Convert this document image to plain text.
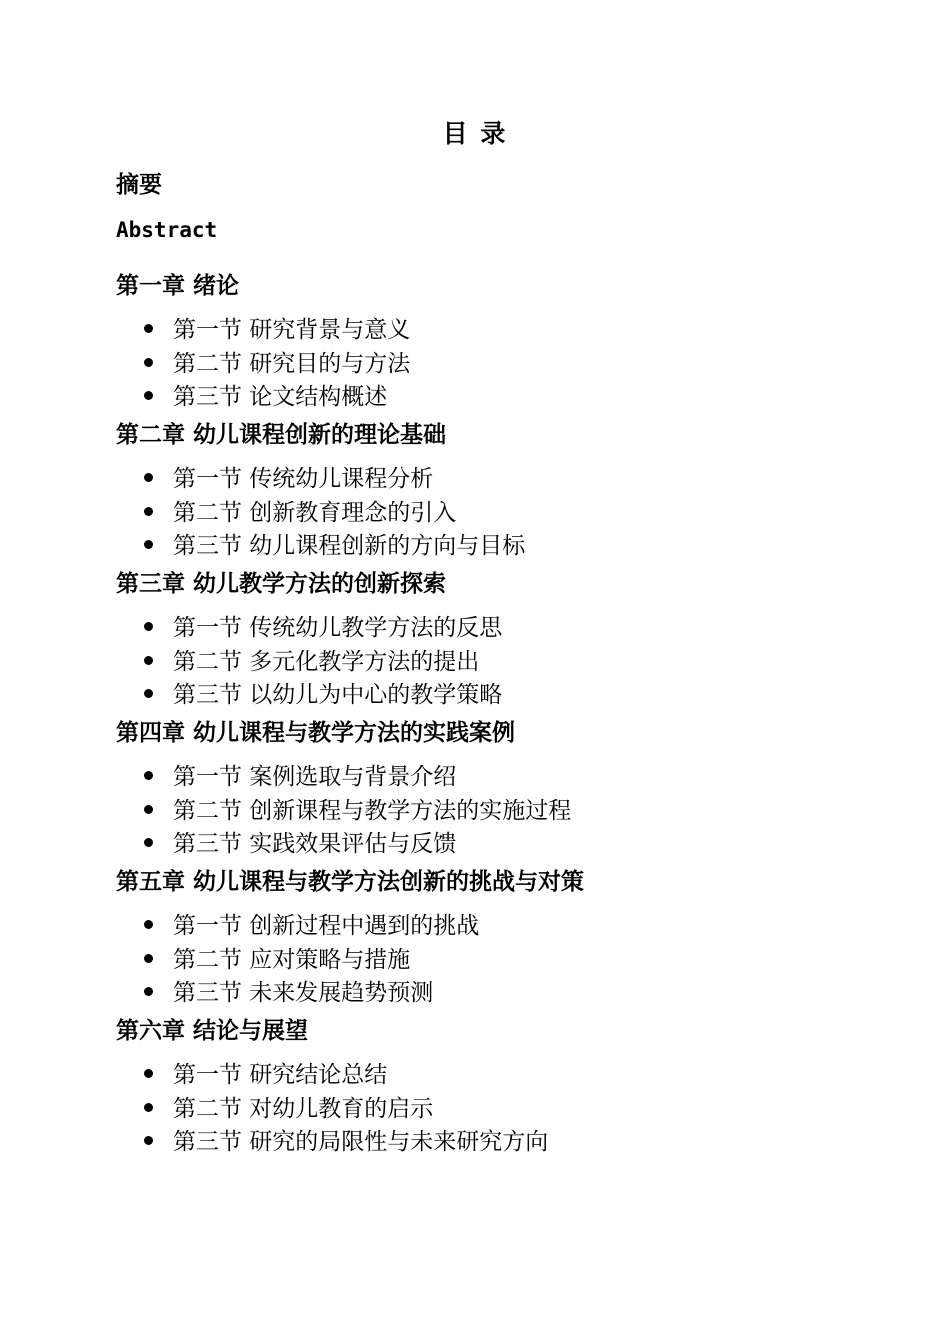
目 录
摘要
Abstract
第一章 绪论
第一节 研究背景与意义
第二节 研究目的与方法
第三节 论文结构概述
第二章 幼儿课程创新的理论基础
第一节 传统幼儿课程分析
第二节 创新教育理念的引入
第三节 幼儿课程创新的方向与目标
第三章 幼儿教学方法的创新探索
第一节 传统幼儿教学方法的反思
第二节 多元化教学方法的提出
第三节 以幼儿为中心的教学策略
第四章 幼儿课程与教学方法的实践案例
第一节 案例选取与背景介绍
第二节 创新课程与教学方法的实施过程
第三节 实践效果评估与反馈
第五章 幼儿课程与教学方法创新的挑战与对策
第一节 创新过程中遇到的挑战
第二节 应对策略与措施
第三节 未来发展趋势预测
第六章 结论与展望
第一节 研究结论总结
第二节 对幼儿教育的启示
第三节 研究的局限性与未来研究方向
